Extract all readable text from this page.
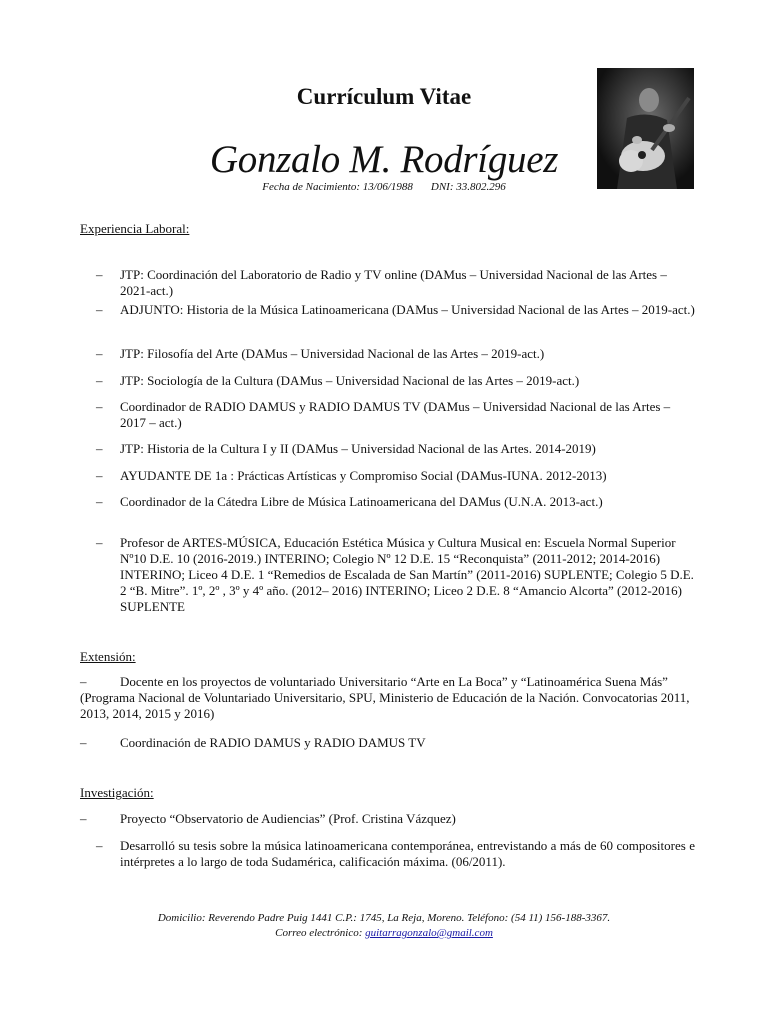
Currículum Vitae
Gonzalo M. Rodríguez
Fecha de Nacimiento: 13/06/1988 DNI: 33.802.296
Experiencia Laboral:
–	JTP: Coordinación del Laboratorio de Radio y TV online (DAMus – Universidad Nacional de las Artes – 2021-act.)
–	ADJUNTO: Historia de la Música Latinoamericana (DAMus – Universidad Nacional de las Artes – 2019-act.)
–	JTP: Filosofía del Arte (DAMus – Universidad Nacional de las Artes – 2019-act.)
–	JTP: Sociología de la Cultura (DAMus – Universidad Nacional de las Artes – 2019-act.)
–	Coordinador de RADIO DAMUS y RADIO DAMUS TV (DAMus – Universidad Nacional de las Artes – 2017 – act.)
–	JTP: Historia de la Cultura I y II (DAMus – Universidad Nacional de las Artes. 2014-2019)
–	AYUDANTE DE 1a : Prácticas Artísticas y Compromiso Social (DAMus-IUNA. 2012-2013)
–	Coordinador de la Cátedra Libre de Música Latinoamericana del DAMus (U.N.A. 2013-act.)
–	Profesor de ARTES-MÚSICA, Educación Estética Música y Cultura Musical en: Escuela Normal Superior Nº10 D.E. 10 (2016-2019.) INTERINO; Colegio Nº 12 D.E. 15 “Reconquista” (2011-2012; 2014-2016) INTERINO; Liceo 4 D.E. 1 “Remedios de Escalada de San Martín” (2011-2016) SUPLENTE; Colegio 5 D.E. 2 “B. Mitre”. 1º, 2º , 3º y 4º año. (2012– 2016) INTERINO; Liceo 2 D.E. 8 “Amancio Alcorta” (2012-2016) SUPLENTE
Extensión:
–	Docente en los proyectos de voluntariado Universitario “Arte en La Boca” y “Latinoamérica Suena Más” (Programa Nacional de Voluntariado Universitario, SPU, Ministerio de Educación de la Nación. Convocatorias 2011, 2013, 2014, 2015 y 2016)
–	Coordinación de RADIO DAMUS y RADIO DAMUS TV
Investigación:
–	Proyecto “Observatorio de Audiencias” (Prof. Cristina Vázquez)
–	Desarrolló su tesis sobre la música latinoamericana contemporánea, entrevistando a más de 60 compositores e intérpretes a lo largo de toda Sudamérica, calificación máxima. (06/2011).
Domicilio: Reverendo Padre Puig 1441 C.P.: 1745, La Reja, Moreno. Teléfono: (54 11) 156-188-3367.
Correo electrónico: guitarragonzalo@gmail.com
